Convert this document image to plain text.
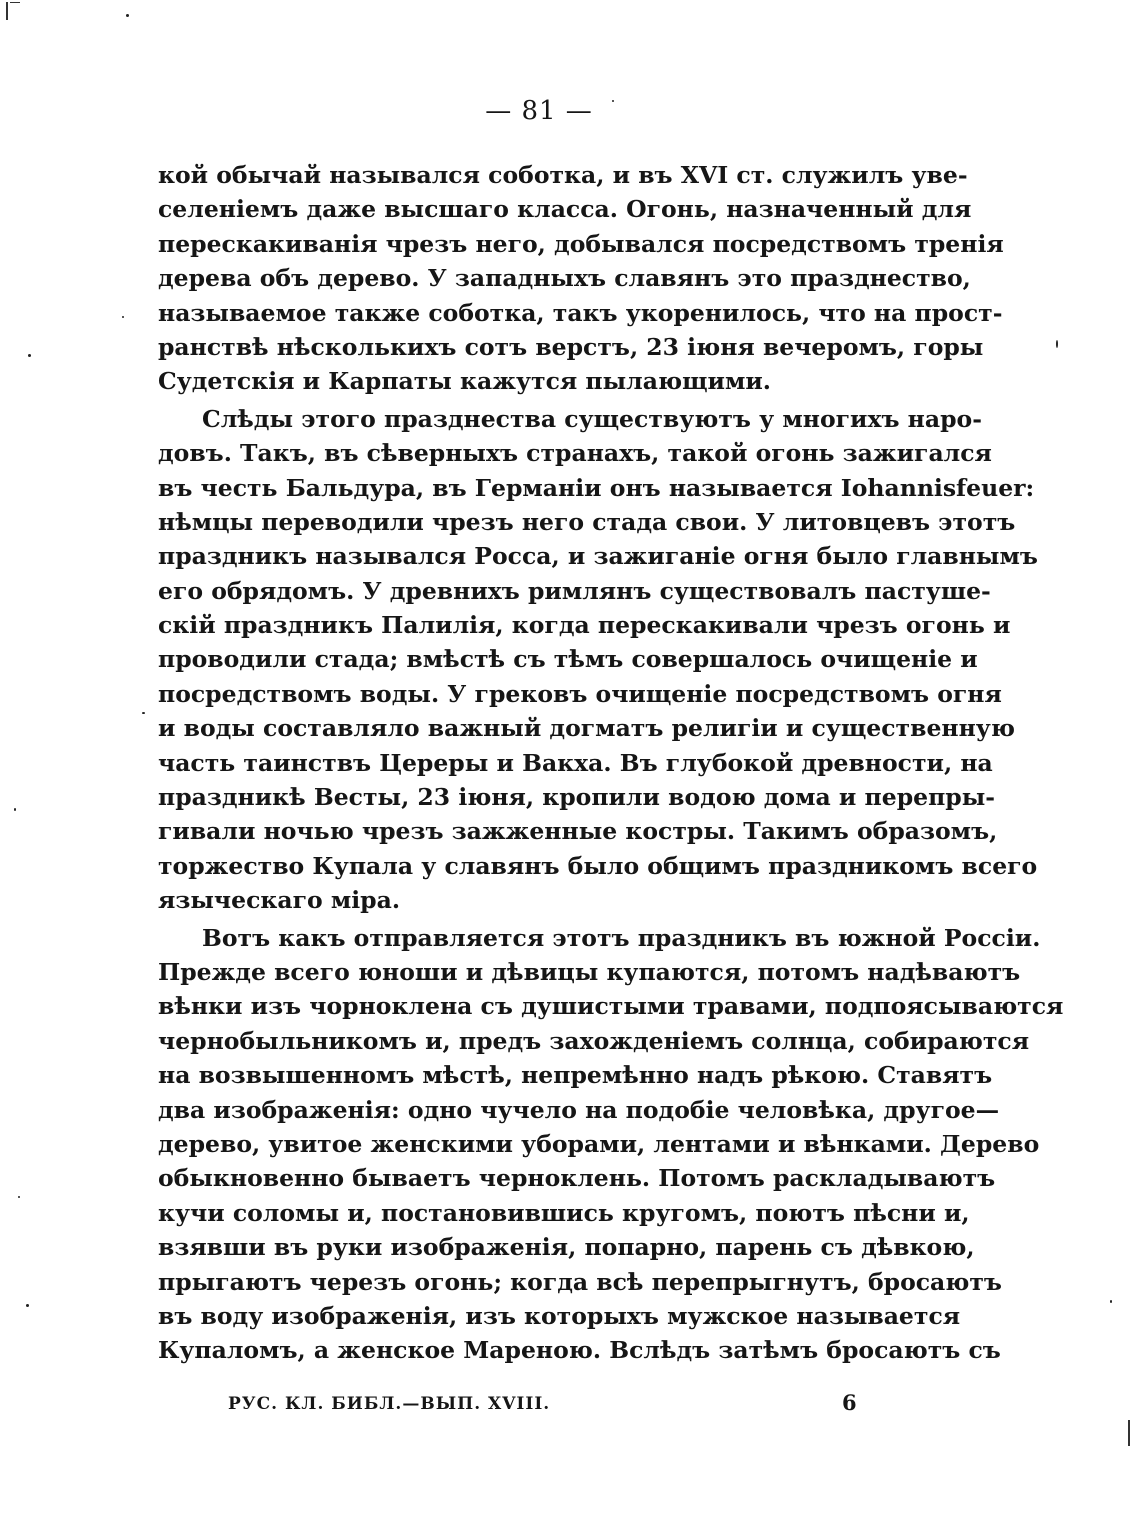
— 81 —
кой обычай назывался соботка, и въ XVI ст. служилъ уве-
селеніемъ даже высшаго класса. Огонь, назначенный для
перескакиванія чрезъ него, добывался посредствомъ тренія
дерева объ дерево. У западныхъ славянъ это празднество,
называемое также соботка, такъ укоренилось, что на прост-
ранствѣ нѣсколькихъ сотъ верстъ, 23 іюня вечеромъ, горы
Судетскія и Карпаты кажутся пылающими.
Слѣды этого празднества существуютъ у многихъ наро-
довъ. Такъ, въ сѣверныхъ странахъ, такой огонь зажигался
въ честь Бальдура, въ Германіи онъ называется Iohannisfeuer:
нѣмцы переводили чрезъ него стада свои. У литовцевъ этотъ
праздникъ назывался Росса, и зажиганіе огня было главнымъ
его обрядомъ. У древнихъ римлянъ существовалъ пастуше-
скій праздникъ Палилія, когда перескакивали чрезъ огонь и
проводили стада; вмѣстѣ съ тѣмъ совершалось очищеніе и
посредствомъ воды. У грековъ очищеніе посредствомъ огня
и воды составляло важный догматъ религіи и существенную
часть таинствъ Цереры и Вакха. Въ глубокой древности, на
праздникѣ Весты, 23 іюня, кропили водою дома и перепры-
гивали ночью чрезъ зажженные костры. Такимъ образомъ,
торжество Купала у славянъ было общимъ праздникомъ всего
языческаго міра.
Вотъ какъ отправляется этотъ праздникъ въ южной Россіи.
Прежде всего юноши и дѣвицы купаются, потомъ надѣваютъ
вѣнки изъ чорноклена съ душистыми травами, подпоясываются
чернобыльникомъ и, предъ захожденіемъ солнца, собираются
на возвышенномъ мѣстѣ, непремѣнно надъ рѣкою. Ставятъ
два изображенія: одно чучело на подобіе человѣка, другое—
дерево, увитое женскими уборами, лентами и вѣнками. Дерево
обыкновенно бываетъ черноклень. Потомъ раскладываютъ
кучи соломы и, постановившись кругомъ, поютъ пѣсни и,
взявши въ руки изображенія, попарно, парень съ дѣвкою,
прыгаютъ черезъ огонь; когда всѣ перепрыгнутъ, бросаютъ
въ воду изображенія, изъ которыхъ мужское называется
Купаломъ, а женское Мареною. Вслѣдъ затѣмъ бросаютъ съ
РУС. КЛ. БИБЛ.—ВЫП. XVIII.	6
